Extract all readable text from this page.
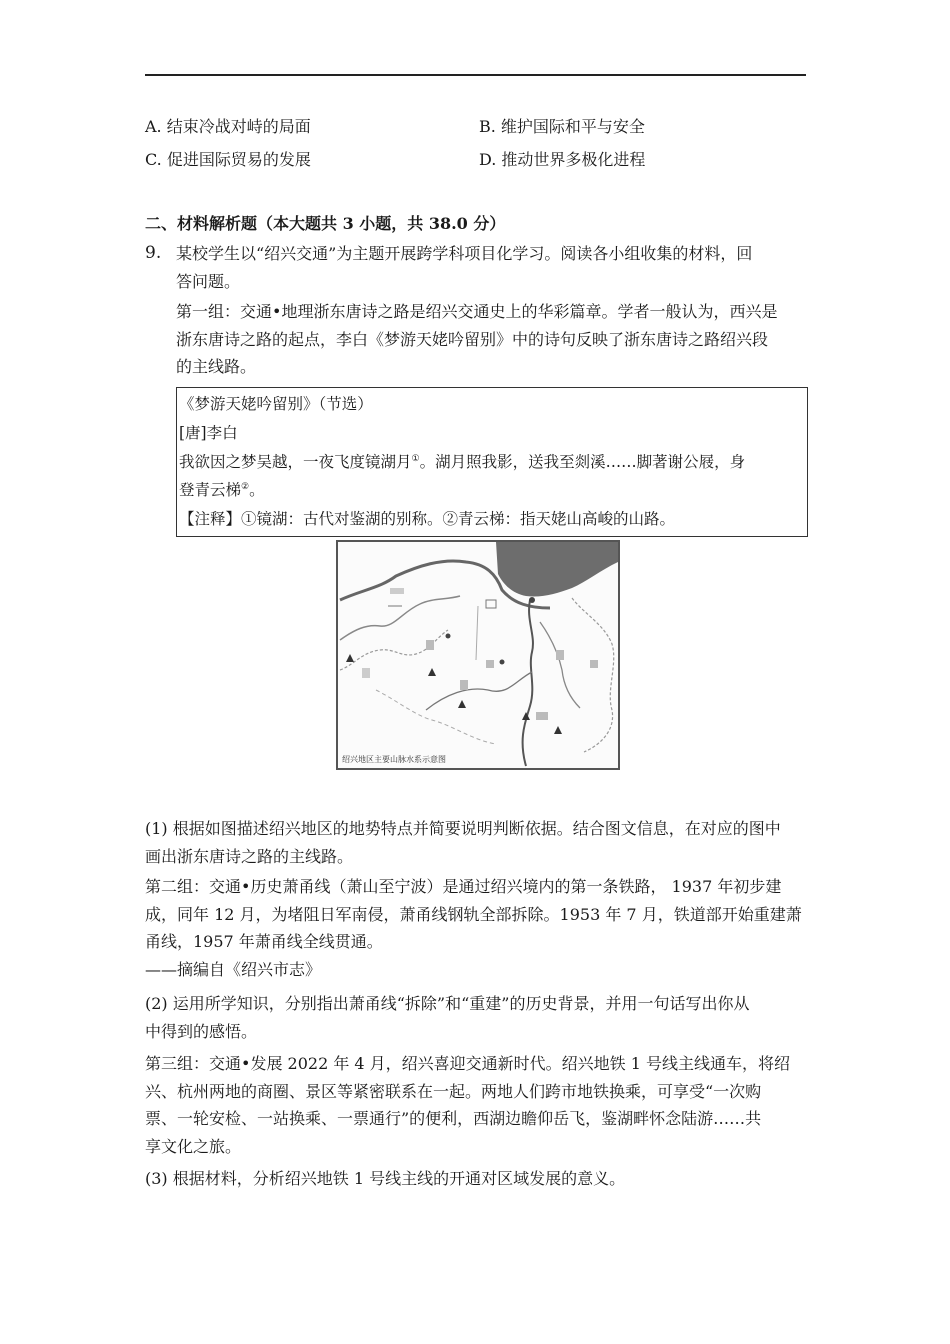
A. 结束冷战对峙的局面	B. 维护国际和平与安全
C. 促进国际贸易的发展	D. 推动世界多极化进程
二、材料解析题（本大题共 3 小题，共 38.0 分）
9. 某校学生以“绍兴交通”为主题开展跨学科项目化学习。阅读各小组收集的材料，回
答问题。
第一组：交通•地理浙东唐诗之路是绍兴交通史上的华彩篇章。学者一般认为，西兴是
浙东唐诗之路的起点，李白《梦游天姥吟留别》中的诗句反映了浙东唐诗之路绍兴段
的主线路。
《梦游天姥吟留别》（节选）
[唐]李白
我欲因之梦吴越，一夜飞度镜湖月①。湖月照我影，送我至剡溪……脚著谢公屐，身
登青云梯②。
【注释】①镜湖：古代对鉴湖的别称。②青云梯：指天姥山高峻的山路。
绍兴地区主要山脉水系示意图
(1) 根据如图描述绍兴地区的地势特点并简要说明判断依据。结合图文信息，在对应的图中
画出浙东唐诗之路的主线路。
第二组：交通•历史萧甬线（萧山至宁波）是通过绍兴境内的第一条铁路， 1937 年初步建
成，同年 12 月，为堵阻日军南侵，萧甬线钢轨全部拆除。1953 年 7 月，铁道部开始重建萧
甬线，1957 年萧甬线全线贯通。
——摘编自《绍兴市志》
(2) 运用所学知识，分别指出萧甬线“拆除”和“重建”的历史背景，并用一句话写出你从
中得到的感悟。
第三组：交通•发展 2022 年 4 月，绍兴喜迎交通新时代。绍兴地铁 1 号线主线通车，将绍
兴、杭州两地的商圈、景区等紧密联系在一起。两地人们跨市地铁换乘，可享受“一次购
票、一轮安检、一站换乘、一票通行”的便利，西湖边瞻仰岳飞，鉴湖畔怀念陆游……共
享文化之旅。
(3) 根据材料，分析绍兴地铁 1 号线主线的开通对区域发展的意义。
